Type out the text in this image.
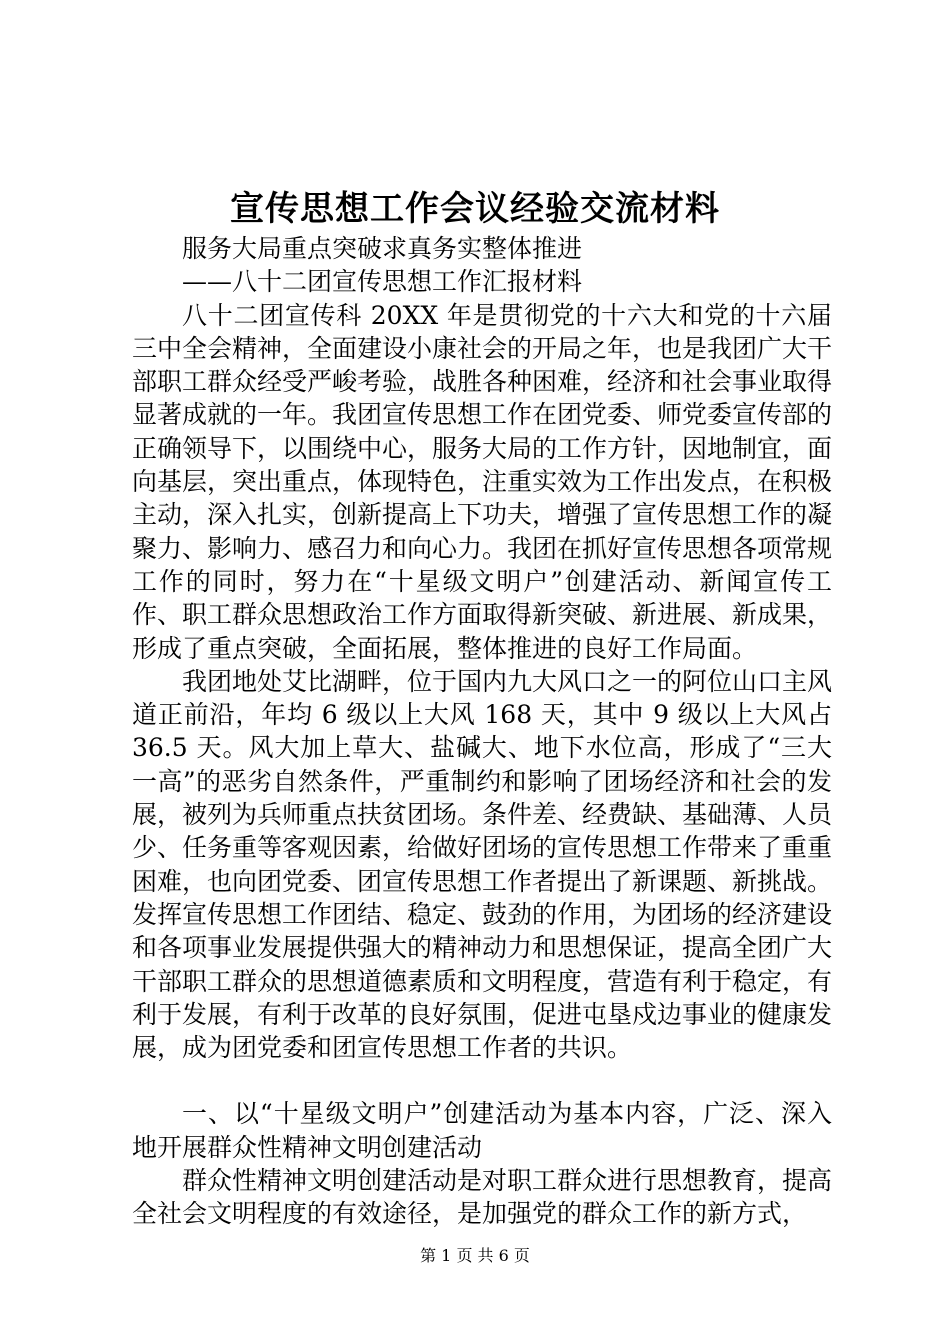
宣传思想工作会议经验交流材料

服务大局重点突破求真务实整体推进

——八十二团宣传思想工作汇报材料

八十二团宣传科 20XX 年是贯彻党的十六大和党的十六届三中全会精神，全面建设小康社会的开局之年，也是我团广大干部职工群众经受严峻考验，战胜各种困难，经济和社会事业取得显著成就的一年。我团宣传思想工作在团党委、师党委宣传部的正确领导下，以围绕中心，服务大局的工作方针，因地制宜，面向基层，突出重点，体现特色，注重实效为工作出发点，在积极主动，深入扎实，创新提高上下功夫，增强了宣传思想工作的凝聚力、影响力、感召力和向心力。我团在抓好宣传思想各项常规工作的同时，努力在“十星级文明户”创建活动、新闻宣传工作、职工群众思想政治工作方面取得新突破、新进展、新成果，形成了重点突破，全面拓展，整体推进的良好工作局面。

我团地处艾比湖畔，位于国内九大风口之一的阿位山口主风道正前沿，年均 6 级以上大风 168 天，其中 9 级以上大风占 36.5 天。风大加上草大、盐碱大、地下水位高，形成了“三大一高”的恶劣自然条件，严重制约和影响了团场经济和社会的发展，被列为兵师重点扶贫团场。条件差、经费缺、基础薄、人员少、任务重等客观因素，给做好团场的宣传思想工作带来了重重困难，也向团党委、团宣传思想工作者提出了新课题、新挑战。发挥宣传思想工作团结、稳定、鼓劲的作用，为团场的经济建设和各项事业发展提供强大的精神动力和思想保证，提高全团广大干部职工群众的思想道德素质和文明程度，营造有利于稳定，有利于发展，有利于改革的良好氛围，促进屯垦戍边事业的健康发展，成为团党委和团宣传思想工作者的共识。

一、以“十星级文明户”创建活动为基本内容，广泛、深入地开展群众性精神文明创建活动

群众性精神文明创建活动是对职工群众进行思想教育，提高全社会文明程度的有效途径，是加强党的群众工作的新方式，

第 1 页 共 6 页
